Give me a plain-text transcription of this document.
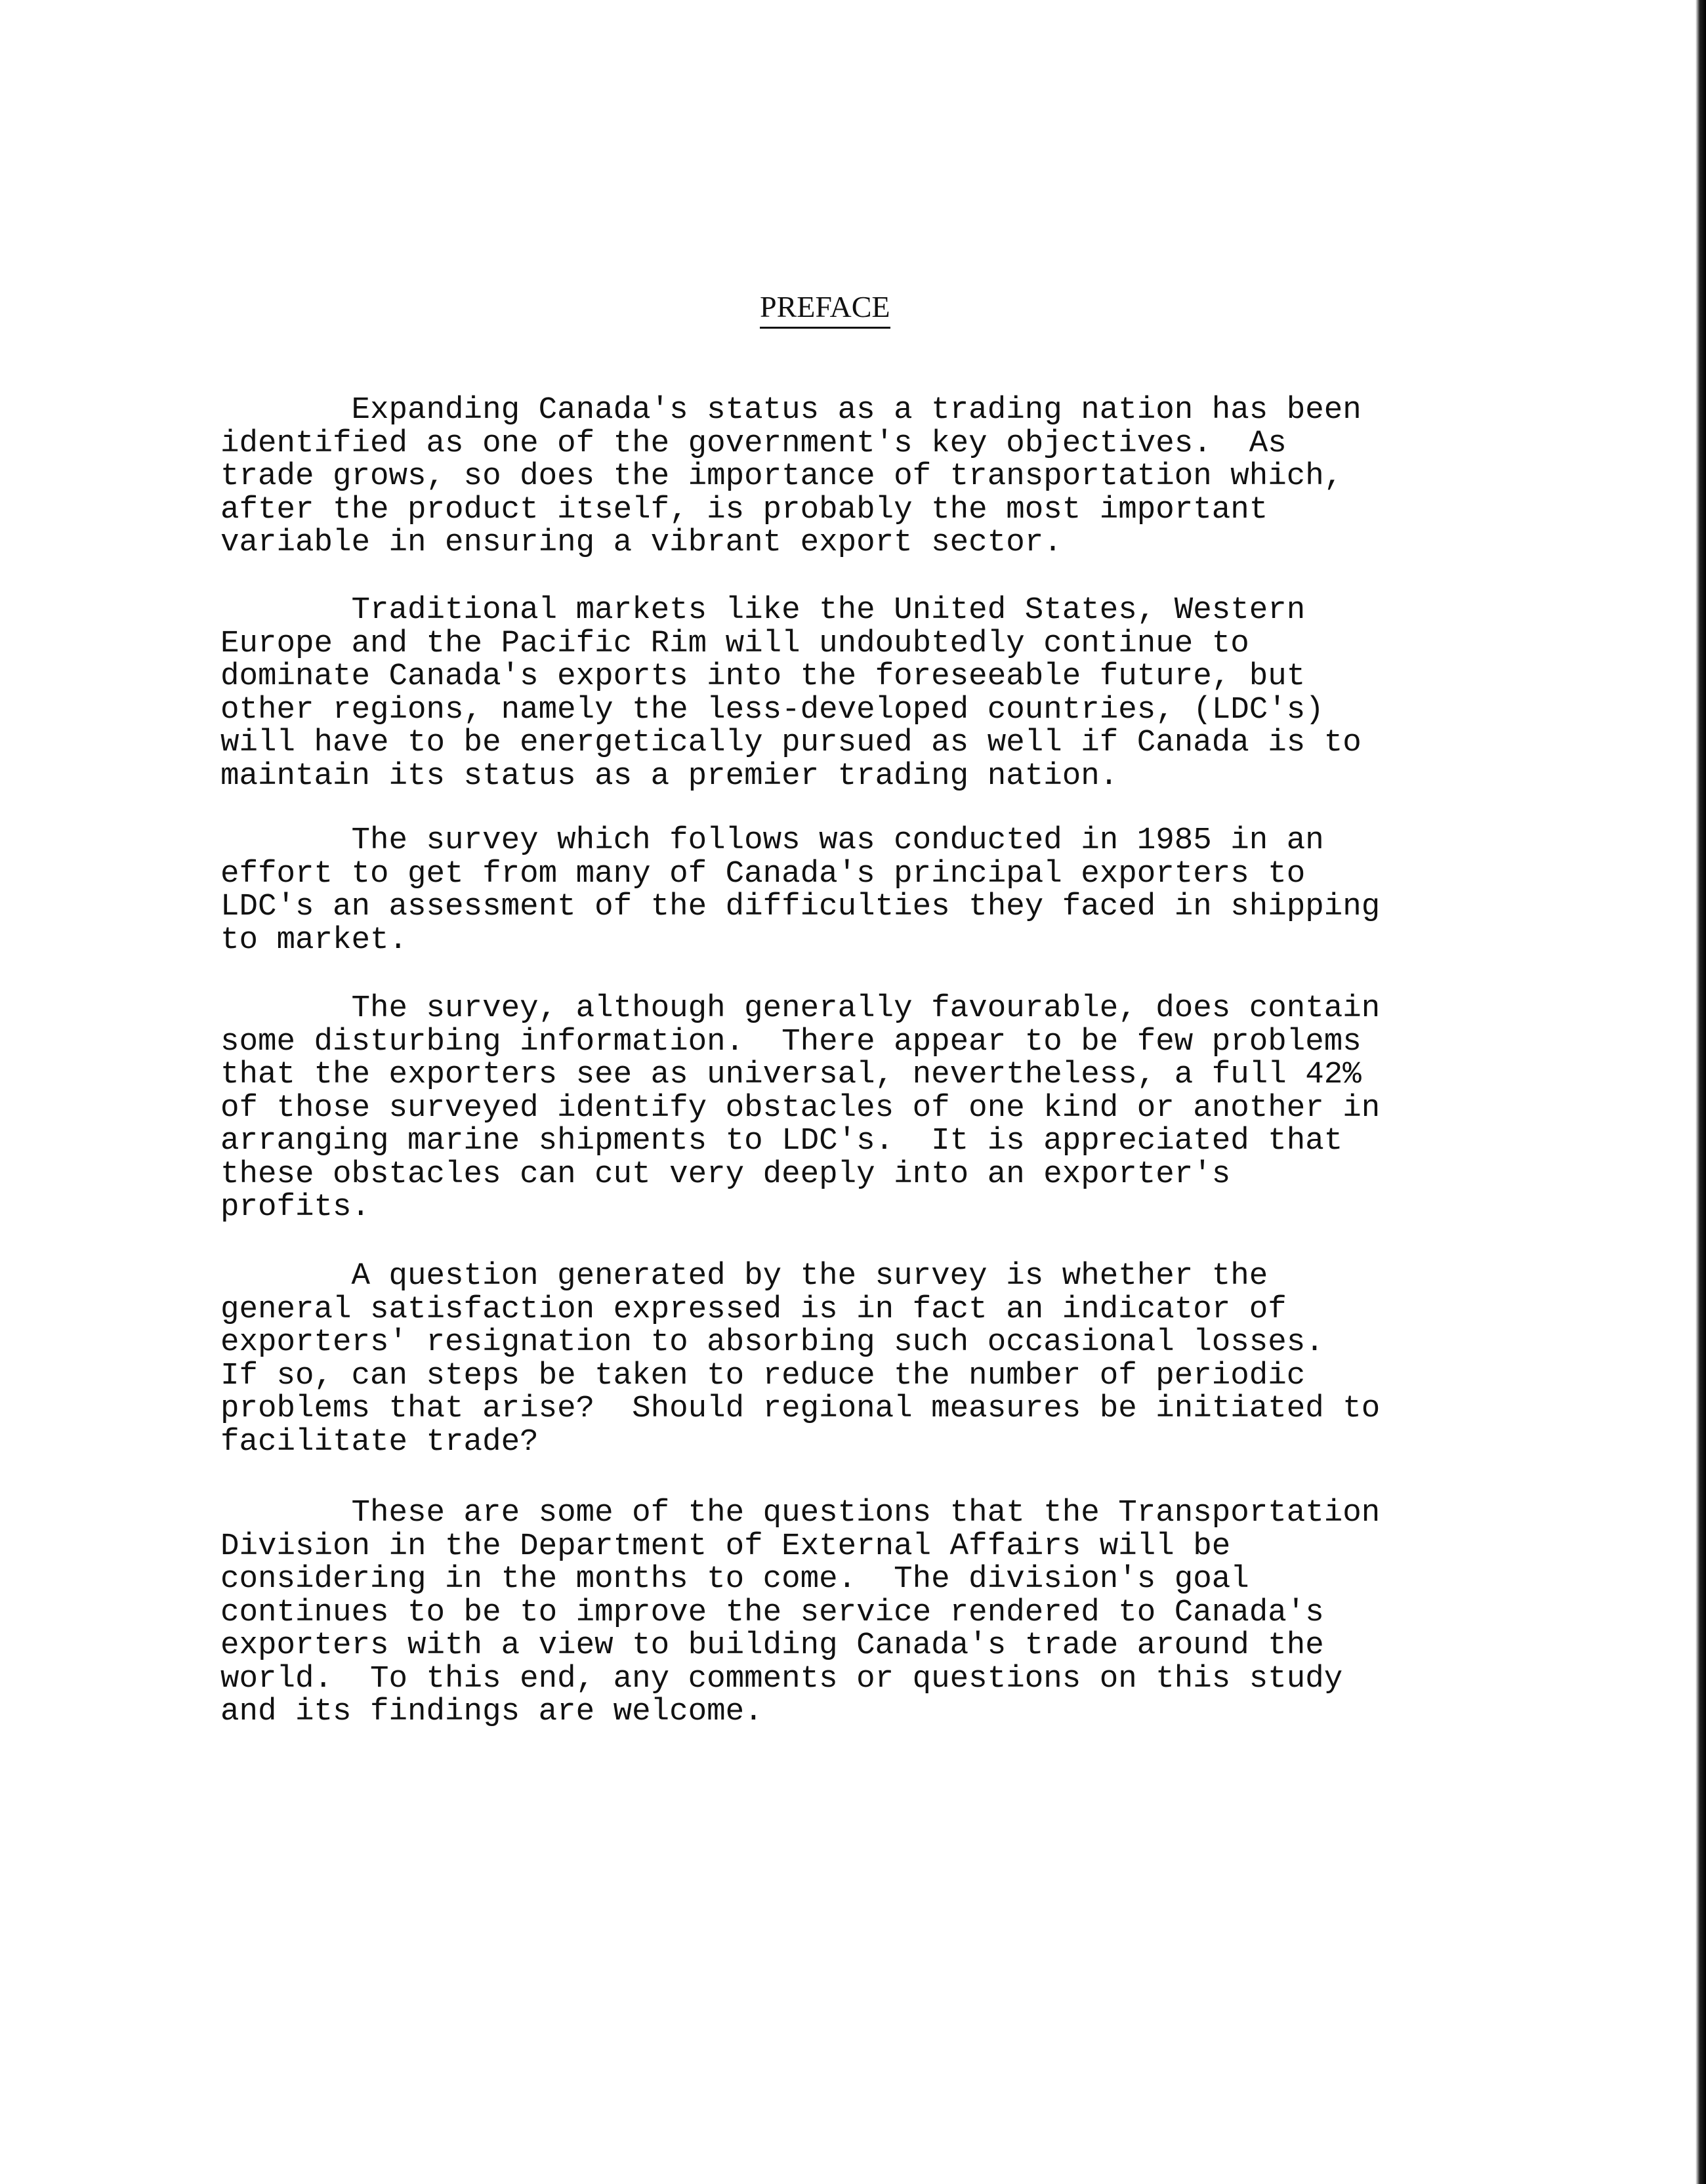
PREFACE
Expanding Canada's status as a trading nation has been
identified as one of the government's key objectives.  As
trade grows, so does the importance of transportation which,
after the product itself, is probably the most important
variable in ensuring a vibrant export sector.
Traditional markets like the United States, Western
Europe and the Pacific Rim will undoubtedly continue to
dominate Canada's exports into the foreseeable future, but
other regions, namely the less-developed countries, (LDC's)
will have to be energetically pursued as well if Canada is to
maintain its status as a premier trading nation.
The survey which follows was conducted in 1985 in an
effort to get from many of Canada's principal exporters to
LDC's an assessment of the difficulties they faced in shipping
to market.
The survey, although generally favourable, does contain
some disturbing information.  There appear to be few problems
that the exporters see as universal, nevertheless, a full 42%
of those surveyed identify obstacles of one kind or another in
arranging marine shipments to LDC's.  It is appreciated that
these obstacles can cut very deeply into an exporter's
profits.
A question generated by the survey is whether the
general satisfaction expressed is in fact an indicator of
exporters' resignation to absorbing such occasional losses.
If so, can steps be taken to reduce the number of periodic
problems that arise?  Should regional measures be initiated to
facilitate trade?
These are some of the questions that the Transportation
Division in the Department of External Affairs will be
considering in the months to come.  The division's goal
continues to be to improve the service rendered to Canada's
exporters with a view to building Canada's trade around the
world.  To this end, any comments or questions on this study
and its findings are welcome.
